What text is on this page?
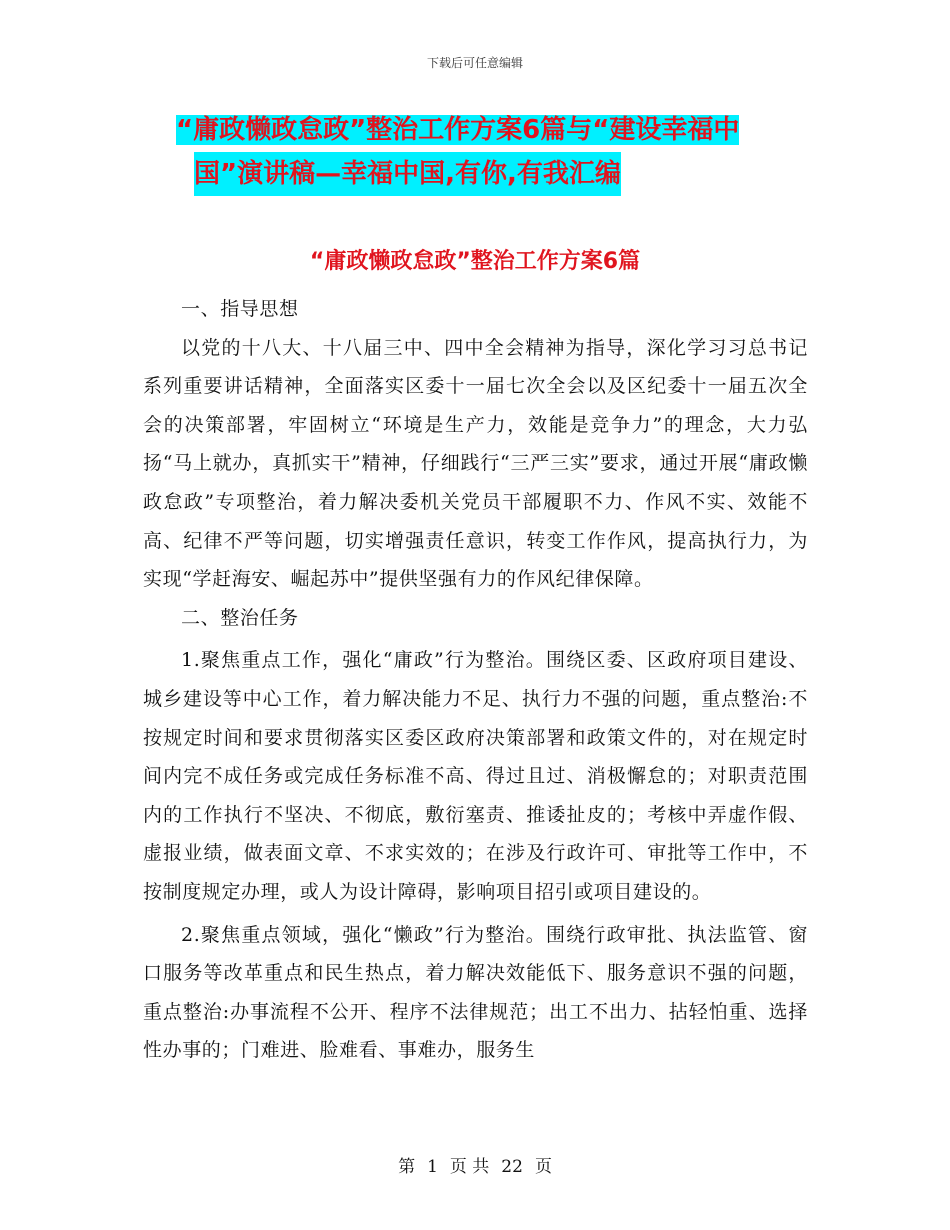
下载后可任意编辑
“庸政懒政怠政”整治工作方案6篇与“建设幸福中
国”演讲稿—幸福中国,有你,有我汇编
“庸政懒政怠政”整治工作方案6篇

一、指导思想

以党的十八大、十八届三中、四中全会精神为指导，深化学习习总书记系列重要讲话精神，全面落实区委十一届七次全会以及区纪委十一届五次全会的决策部署，牢固树立“环境是生产力，效能是竞争力”的理念，大力弘扬“马上就办，真抓实干”精神，仔细践行“三严三实”要求，通过开展“庸政懒政怠政”专项整治，着力解决委机关党员干部履职不力、作风不实、效能不高、纪律不严等问题，切实增强责任意识，转变工作作风，提高执行力，为实现“学赶海安、崛起苏中”提供坚强有力的作风纪律保障。

二、整治任务

1.聚焦重点工作，强化“庸政”行为整治。围绕区委、区政府项目建设、城乡建设等中心工作，着力解决能力不足、执行力不强的问题，重点整治:不按规定时间和要求贯彻落实区委区政府决策部署和政策文件的，对在规定时间内完不成任务或完成任务标准不高、得过且过、消极懈怠的；对职责范围内的工作执行不坚决、不彻底，敷衍塞责、推诿扯皮的；考核中弄虚作假、虚报业绩，做表面文章、不求实效的；在涉及行政许可、审批等工作中，不按制度规定办理，或人为设计障碍，影响项目招引或项目建设的。

2.聚焦重点领域，强化“懒政”行为整治。围绕行政审批、执法监管、窗口服务等改革重点和民生热点，着力解决效能低下、服务意识不强的问题，重点整治:办事流程不公开、程序不法律规范；出工不出力、拈轻怕重、选择性办事的；门难进、脸难看、事难办，服务生

第 1 页 共 22 页
